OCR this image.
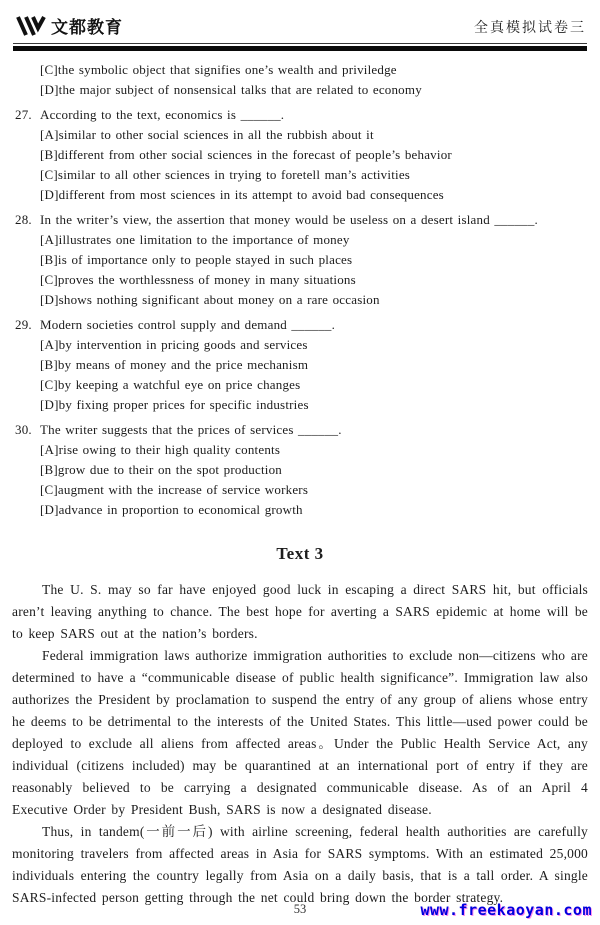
文都教育	全真模拟试卷三
[C]the symbolic object that signifies one’s wealth and priviledge
[D]the major subject of nonsensical talks that are related to economy
27. According to the text, economics is ______.
[A]similar to other social sciences in all the rubbish about it
[B]different from other social sciences in the forecast of people’s behavior
[C]similar to all other sciences in trying to foretell man’s activities
[D]different from most sciences in its attempt to avoid bad consequences
28. In the writer’s view, the assertion that money would be useless on a desert island ______.
[A]illustrates one limitation to the importance of money
[B]is of importance only to people stayed in such places
[C]proves the worthlessness of money in many situations
[D]shows nothing significant about money on a rare occasion
29. Modern societies control supply and demand ______.
[A]by intervention in pricing goods and services
[B]by means of money and the price mechanism
[C]by keeping a watchful eye on price changes
[D]by fixing proper prices for specific industries
30. The writer suggests that the prices of services ______.
[A]rise owing to their high quality contents
[B]grow due to their on the spot production
[C]augment with the increase of service workers
[D]advance in proportion to economical growth
Text 3

The U. S. may so far have enjoyed good luck in escaping a direct SARS hit, but officials aren’t leaving anything to chance. The best hope for averting a SARS epidemic at home will be to keep SARS out at the nation’s borders.

Federal immigration laws authorize immigration authorities to exclude non—citizens who are determined to have a “communicable disease of public health significance”. Immigration law also authorizes the President by proclamation to suspend the entry of any group of aliens whose entry he deems to be detrimental to the interests of the United States. This little—used power could be deployed to exclude all aliens from affected areas。Under the Public Health Service Act, any individual (citizens included) may be quarantined at an international port of entry if they are reasonably believed to be carrying a designated communicable disease. As of an April 4 Executive Order by President Bush, SARS is now a designated disease.

Thus, in tandem(一前一后) with airline screening, federal health authorities are carefully monitoring travelers from affected areas in Asia for SARS symptoms. With an estimated 25,000 individuals entering the country legally from Asia on a daily basis, that is a tall order. A single SARS-infected person getting through the net could bring down the border strategy.

53	www.freekaoyan.com
